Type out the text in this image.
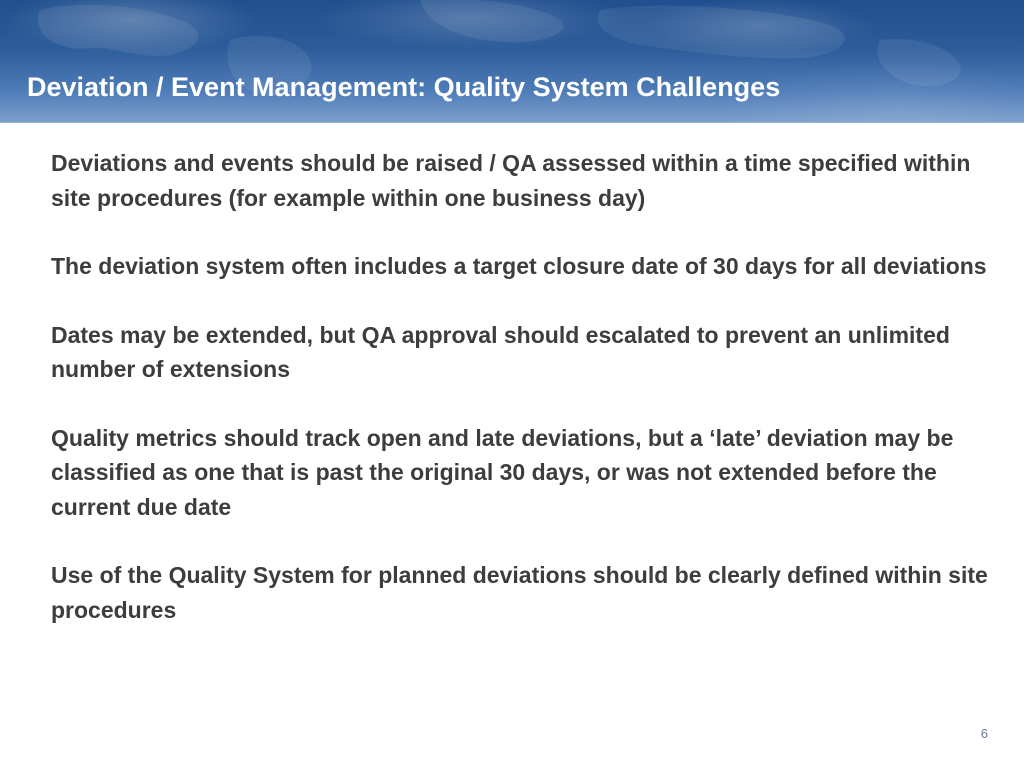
Deviation / Event Management: Quality System Challenges

Deviations and events should be raised / QA assessed within a time specified within site procedures (for example within one business day)

The deviation system often includes a target closure date of 30 days for all deviations

Dates may be extended, but QA approval should escalated to prevent an unlimited number of extensions

Quality metrics should track open and late deviations, but a ‘late’ deviation may be classified as one that is past the original 30 days, or was not extended before the current due date

Use of the Quality System for planned deviations should be clearly defined within site procedures

6
